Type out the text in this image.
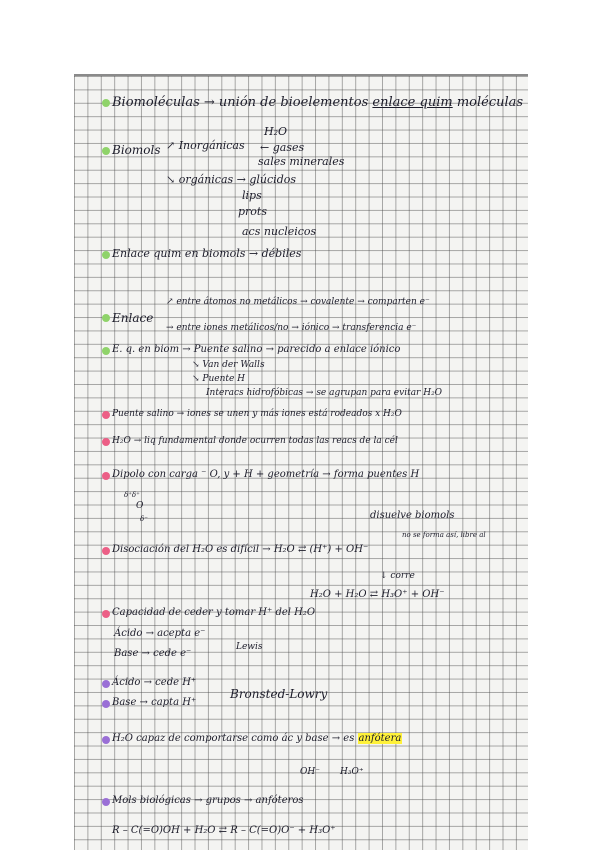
Biomoléculas → unión de bioelementos enlace quim moléculas
H₂O
Biomols ↗ Inorgánicas ← gases
sales minerales
↘ orgánicas → glúcidos
lips
prots
acs nucleicos
Enlace quim en biomols → débiles
↗ entre átomos no metálicos → covalente → comparten e⁻
Enlace
→ entre iones metálicos/no → iónico → transferencia e⁻
E. q. en biom → Puente salino → parecido a enlace iónico
↘ Van der Walls
↘ Puente H
Interacs hidrofóbicas → se agrupan para evitar H₂O
Puente salino → iones se unen y más iones está rodeados x H₂O
H₂O → liq fundamental donde ocurren todas las reacs de la cél
Dipolo con carga ⁻ O, y + H + geometría → forma puentes H
δ⁺δ⁺
O
δ⁻	disuelve biomols
no se forma así, libre al
Disociación del H₂O es difícil → H₂O ⇄ (H⁺) + OH⁻
↓ corre
H₂O + H₂O ⇄ H₃O⁺ + OH⁻
Capacidad de ceder y tomar H⁺ del H₂O
Ácido → acepta e⁻
Lewis
Base → cede e⁻
Ácido → cede H⁺
Bronsted-Lowry
Base → capta H⁺
H₂O capaz de comportarse como ác y base → es anfótera
OH⁻ H₃O⁺
Mols biológicas → grupos → anfóteros
R – C(=O)OH + H₂O ⇄ R – C(=O)O⁻ + H₃O⁺
